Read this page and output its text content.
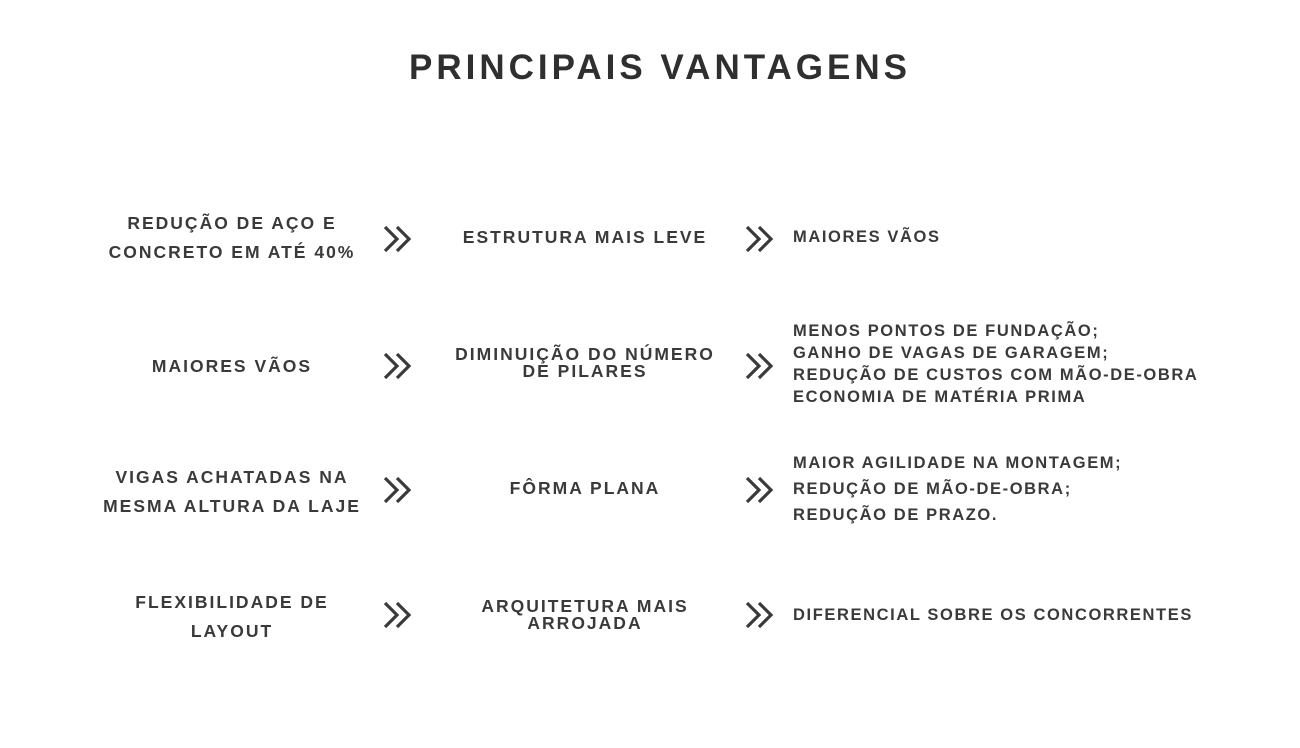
PRINCIPAIS VANTAGENS
REDUÇÃO DE AÇO E
CONCRETO EM ATÉ 40%
ESTRUTURA MAIS LEVE	MAIORES VÃOS
MAIORES VÃOS
DIMINUIÇÃO DO NÚMERO
DE PILARES
MENOS PONTOS DE FUNDAÇÃO;
GANHO DE VAGAS DE GARAGEM;
REDUÇÃO DE CUSTOS COM MÃO-DE-OBRA
ECONOMIA DE MATÉRIA PRIMA
VIGAS ACHATADAS NA
MESMA ALTURA DA LAJE
FÔRMA PLANA
MAIOR AGILIDADE NA MONTAGEM;
REDUÇÃO DE MÃO-DE-OBRA;
REDUÇÃO DE PRAZO.
FLEXIBILIDADE DE
LAYOUT
ARQUITETURA MAIS
ARROJADA	DIFERENCIAL SOBRE OS CONCORRENTES
